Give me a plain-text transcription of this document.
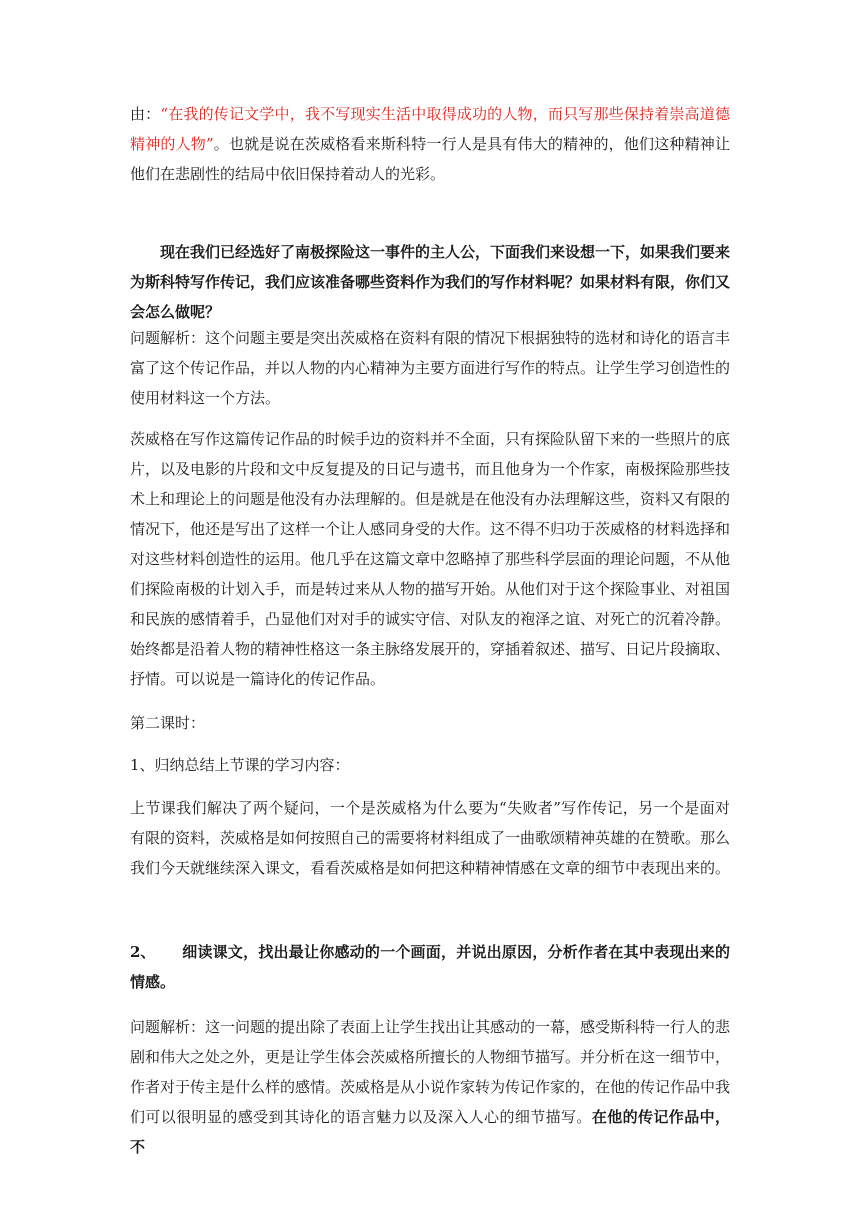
由：“在我的传记文学中，我不写现实生活中取得成功的人物，而只写那些保持着崇高道德精神的人物”。也就是说在茨威格看来斯科特一行人是具有伟大的精神的，他们这种精神让他们在悲剧性的结局中依旧保持着动人的光彩。

现在我们已经选好了南极探险这一事件的主人公，下面我们来设想一下，如果我们要来为斯科特写作传记，我们应该准备哪些资料作为我们的写作材料呢？如果材料有限，你们又会怎么做呢？

问题解析：这个问题主要是突出茨威格在资料有限的情况下根据独特的选材和诗化的语言丰富了这个传记作品，并以人物的内心精神为主要方面进行写作的特点。让学生学习创造性的使用材料这一个方法。

茨威格在写作这篇传记作品的时候手边的资料并不全面，只有探险队留下来的一些照片的底片，以及电影的片段和文中反复提及的日记与遗书，而且他身为一个作家，南极探险那些技术上和理论上的问题是他没有办法理解的。但是就是在他没有办法理解这些，资料又有限的情况下，他还是写出了这样一个让人感同身受的大作。这不得不归功于茨威格的材料选择和对这些材料创造性的运用。他几乎在这篇文章中忽略掉了那些科学层面的理论问题，不从他们探险南极的计划入手，而是转过来从人物的描写开始。从他们对于这个探险事业、对祖国和民族的感情着手，凸显他们对对手的诚实守信、对队友的袍泽之谊、对死亡的沉着冷静。始终都是沿着人物的精神性格这一条主脉络发展开的，穿插着叙述、描写、日记片段摘取、抒情。可以说是一篇诗化的传记作品。

第二课时：

1、归纳总结上节课的学习内容：

上节课我们解决了两个疑问，一个是茨威格为什么要为“失败者”写作传记，另一个是面对有限的资料，茨威格是如何按照自己的需要将材料组成了一曲歌颂精神英雄的在赞歌。那么我们今天就继续深入课文，看看茨威格是如何把这种精神情感在文章的细节中表现出来的。

2、 细读课文，找出最让你感动的一个画面，并说出原因，分析作者在其中表现出来的情感。

问题解析：这一问题的提出除了表面上让学生找出让其感动的一幕，感受斯科特一行人的悲剧和伟大之处之外，更是让学生体会茨威格所擅长的人物细节描写。并分析在这一细节中，作者对于传主是什么样的感情。茨威格是从小说作家转为传记作家的，在他的传记作品中我们可以很明显的感受到其诗化的语言魅力以及深入人心的细节描写。在他的传记作品中，不
